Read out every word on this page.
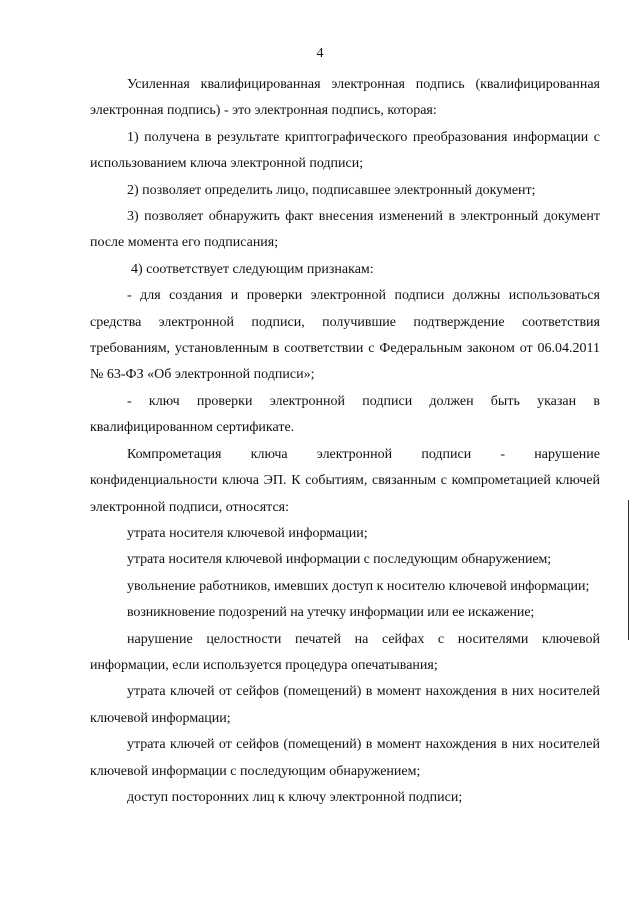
4

Усиленная квалифицированная электронная подпись (квалифицированная электронная подпись) - это электронная подпись, которая:

1) получена в результате криптографического преобразования информации с использованием ключа электронной подписи;

2) позволяет определить лицо, подписавшее электронный документ;

3) позволяет обнаружить факт внесения изменений в электронный документ после момента его подписания;

4) соответствует следующим признакам:

- для создания и проверки электронной подписи должны использоваться средства электронной подписи, получившие подтверждение соответствия требованиям, установленным в соответствии с Федеральным законом от 06.04.2011 № 63-ФЗ «Об электронной подписи»;

- ключ проверки электронной подписи должен быть указан в квалифицированном сертификате.

Компрометация ключа электронной подписи - нарушение конфиденциальности ключа ЭП. К событиям, связанным с компрометацией ключей электронной подписи, относятся:

утрата носителя ключевой информации;

утрата носителя ключевой информации с последующим обнаружением;

увольнение работников, имевших доступ к носителю ключевой информации;

возникновение подозрений на утечку информации или ее искажение;

нарушение целостности печатей на сейфах с носителями ключевой информации, если используется процедура опечатывания;

утрата ключей от сейфов (помещений) в момент нахождения в них носителей ключевой информации;

утрата ключей от сейфов (помещений) в момент нахождения в них носителей ключевой информации с последующим обнаружением;

доступ посторонних лиц к ключу электронной подписи;
